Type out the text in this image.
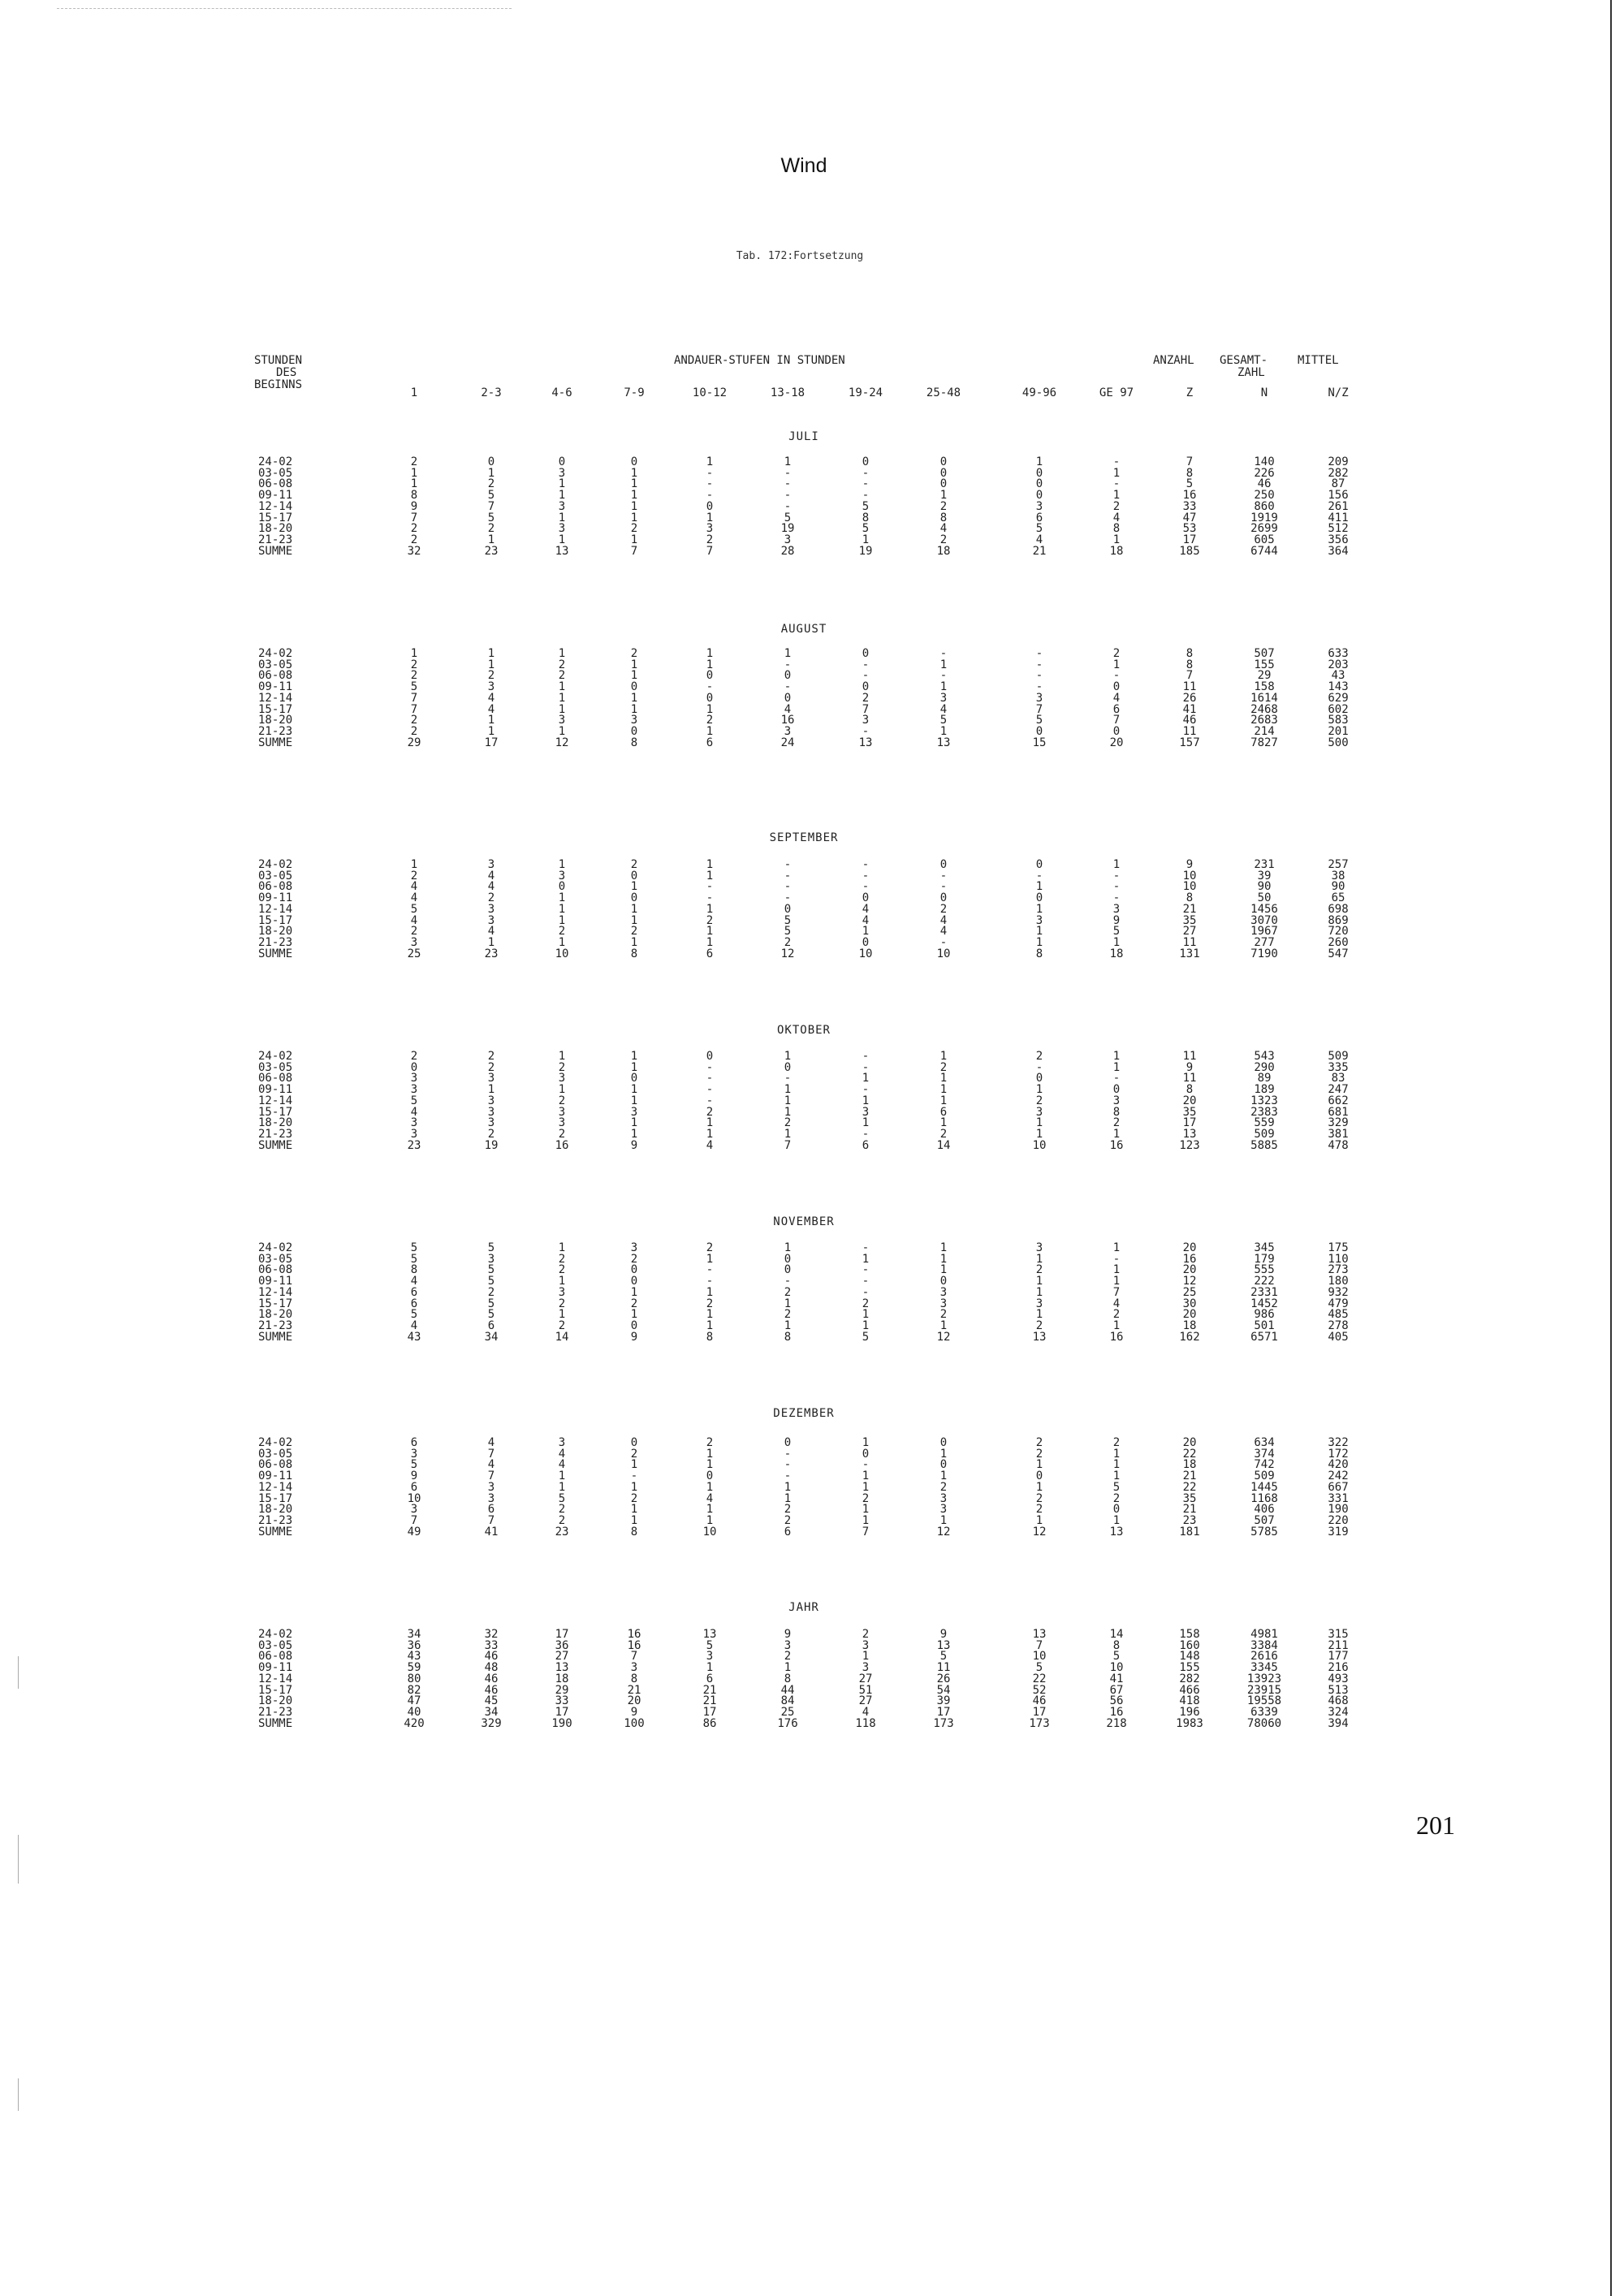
Wind
Tab. 172:Fortsetzung
STUNDEN
DES
BEGINNS
ANDAUER-STUFEN IN STUNDEN	ANZAHL GESAMT-	MITTEL
ZAHL
1	2-3	4-6	7-9	10-12	13-18	19-24	25-48	49-96	GE 97	Z	N	N/Z
JULI
24-02	2	0	0	0	1	1	0	0	1	-	7	140	209
03-05	1	1	3	1	-	-	-	0	0	1	8	226	282
06-08	1	2	1	1	-	-	-	0	0	-	5	46	87
09-11	8	5	1	1	-	-	-	1	0	1	16	250	156
12-14	9	7	3	1	0	-	5	2	3	2	33	860	261
15-17	7	5	1	1	1	5	8	8	6	4	47	1919	411
18-20	2	2	3	2	3	19	5	4	5	8	53	2699	512
21-23	2	1	1	1	2	3	1	2	4	1	17	605	356
SUMME	32	23	13	7	7	28	19	18	21	18	185	6744	364
AUGUST
24-02	1	1	1	2	1	1	0	-	-	2	8	507	633
03-05	2	1	2	1	1	-	-	1	-	1	8	155	203
06-08	2	2	2	1	0	0	-	-	-	-	7	29	43
09-11	5	3	1	0	-	-	0	1	-	0	11	158	143
12-14	7	4	1	1	0	0	2	3	3	4	26	1614	629
15-17	7	4	1	1	1	4	7	4	7	6	41	2468	602
18-20	2	1	3	3	2	16	3	5	5	7	46	2683	583
21-23	2	1	1	0	1	3	-	1	0	0	11	214	201
SUMME	29	17	12	8	6	24	13	13	15	20	157	7827	500
SEPTEMBER
24-02	1	3	1	2	1	-	-	0	0	1	9	231	257
03-05	2	4	3	0	1	-	-	-	-	-	10	39	38
06-08	4	4	0	1	-	-	-	-	1	-	10	90	90
09-11	4	2	1	0	-	-	0	0	0	-	8	50	65
12-14	5	3	1	1	1	0	4	2	1	3	21	1456	698
15-17	4	3	1	1	2	5	4	4	3	9	35	3070	869
18-20	2	4	2	2	1	5	1	4	1	5	27	1967	720
21-23	3	1	1	1	1	2	0	-	1	1	11	277	260
SUMME	25	23	10	8	6	12	10	10	8	18	131	7190	547
OKTOBER
24-02	2	2	1	1	0	1	-	1	2	1	11	543	509
03-05	0	2	2	1	-	0	-	2	-	1	9	290	335
06-08	3	3	3	0	-	-	1	1	0	-	11	89	83
09-11	3	1	1	1	-	1	-	1	1	0	8	189	247
12-14	5	3	2	1	-	1	1	1	2	3	20	1323	662
15-17	4	3	3	3	2	1	3	6	3	8	35	2383	681
18-20	3	3	3	1	1	2	1	1	1	2	17	559	329
21-23	3	2	2	1	1	1	-	2	1	1	13	509	381
SUMME	23	19	16	9	4	7	6	14	10	16	123	5885	478
NOVEMBER
24-02	5	5	1	3	2	1	-	1	3	1	20	345	175
03-05	5	3	2	2	1	0	1	1	1	-	16	179	110
06-08	8	5	2	0	-	0	-	1	2	1	20	555	273
09-11	4	5	1	0	-	-	-	0	1	1	12	222	180
12-14	6	2	3	1	1	2	-	3	1	7	25	2331	932
15-17	6	5	2	2	2	1	2	3	3	4	30	1452	479
18-20	5	5	1	1	1	2	1	2	1	2	20	986	485
21-23	4	6	2	0	1	1	1	1	2	1	18	501	278
SUMME	43	34	14	9	8	8	5	12	13	16	162	6571	405
DEZEMBER
24-02	6	4	3	0	2	0	1	0	2	2	20	634	322
03-05	3	7	4	2	1	-	0	1	2	1	22	374	172
06-08	5	4	4	1	1	-	-	0	1	1	18	742	420
09-11	9	7	1	-	0	-	1	1	0	1	21	509	242
12-14	6	3	1	1	1	1	1	2	1	5	22	1445	667
15-17	10	3	5	2	4	1	2	3	2	2	35	1168	331
18-20	3	6	2	1	1	2	1	3	2	0	21	406	190
21-23	7	7	2	1	1	2	1	1	1	1	23	507	220
SUMME	49	41	23	8	10	6	7	12	12	13	181	5785	319
JAHR
24-02	34	32	17	16	13	9	2	9	13	14	158	4981	315
03-05	36	33	36	16	5	3	3	13	7	8	160	3384	211
06-08	43	46	27	7	3	2	1	5	10	5	148	2616	177
09-11	59	48	13	3	1	1	3	11	5	10	155	3345	216
12-14	80	46	18	8	6	8	27	26	22	41	282	13923	493
15-17	82	46	29	21	21	44	51	54	52	67	466	23915	513
18-20	47	45	33	20	21	84	27	39	46	56	418	19558	468
21-23	40	34	17	9	17	25	4	17	17	16	196	6339	324
SUMME	420	329	190	100	86	176	118	173	173	218	1983	78060	394
201
